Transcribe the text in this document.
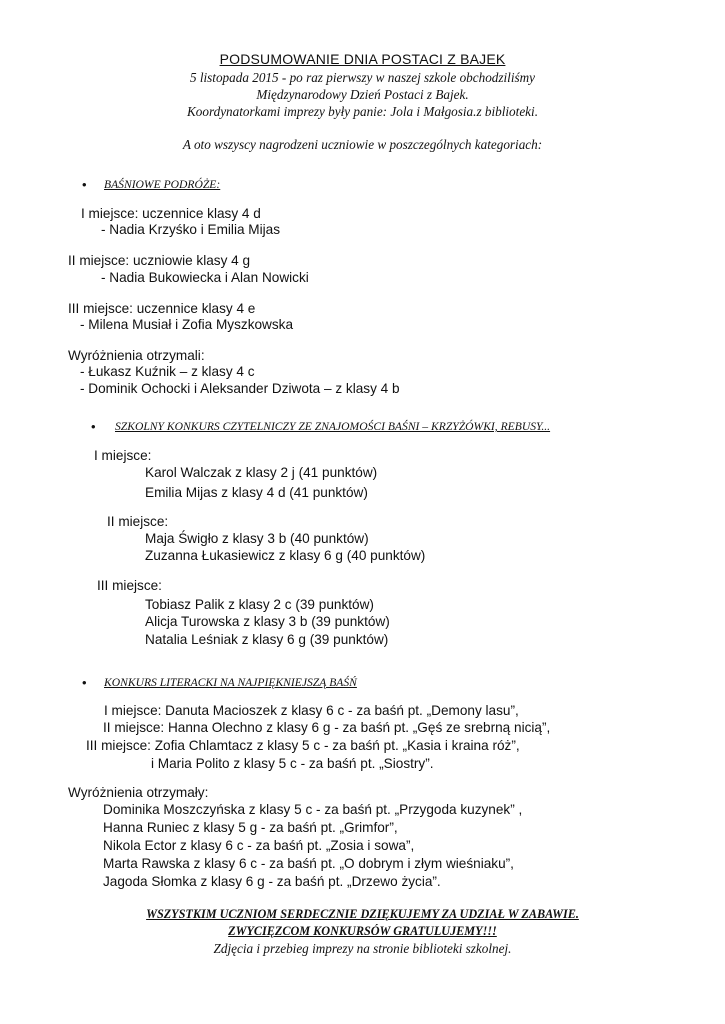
PODSUMOWANIE DNIA POSTACI Z BAJEK
5 listopada 2015 - po raz pierwszy w naszej szkole obchodziliśmy
Międzynarodowy Dzień Postaci z Bajek.
Koordynatorkami imprezy były panie: Jola i Małgosia.z biblioteki.
A oto wszyscy nagrodzeni uczniowie w poszczególnych kategoriach:
• BAŚNIOWE PODRÓŻE:
I miejsce: uczennice klasy 4 d
- Nadia Krzyśko i Emilia Mijas
II miejsce: uczniowie klasy 4 g
- Nadia Bukowiecka i Alan Nowicki
III miejsce: uczennice klasy 4 e
- Milena Musiał i Zofia Myszkowska
Wyróżnienia otrzymali:
- Łukasz Kuźnik – z klasy 4 c
- Dominik Ochocki i Aleksander Dziwota – z klasy 4 b
• SZKOLNY KONKURS CZYTELNICZY ZE ZNAJOMOŚCI BAŚNI – KRZYŻÓWKI, REBUSY...
I miejsce:
Karol Walczak z klasy 2 j (41 punktów)
Emilia Mijas z klasy 4 d (41 punktów)
II miejsce:
Maja Świgło z klasy 3 b (40 punktów)
Zuzanna Łukasiewicz z klasy 6 g (40 punktów)
III miejsce:
Tobiasz Palik z klasy 2 c (39 punktów)
Alicja Turowska z klasy 3 b (39 punktów)
Natalia Leśniak z klasy 6 g (39 punktów)
• KONKURS LITERACKI NA NAJPIĘKNIEJSZĄ BAŚŃ
I miejsce: Danuta Macioszek z klasy 6 c - za baśń pt. „Demony lasu”,
II miejsce: Hanna Olechno z klasy 6 g - za baśń pt. „Gęś ze srebrną nicią”,
III miejsce: Zofia Chlamtacz z klasy 5 c - za baśń pt. „Kasia i kraina róż”,
i Maria Polito z klasy 5 c - za baśń pt. „Siostry”.
Wyróżnienia otrzymały:
Dominika Moszczyńska z klasy 5 c - za baśń pt. „Przygoda kuzynek” ,
Hanna Runiec z klasy 5 g - za baśń pt. „Grimfor”,
Nikola Ector z klasy 6 c - za baśń pt. „Zosia i sowa”,
Marta Rawska z klasy 6 c - za baśń pt. „O dobrym i złym wieśniaku”,
Jagoda Słomka z klasy 6 g - za baśń pt. „Drzewo życia”.
WSZYSTKIM UCZNIOM SERDECZNIE DZIĘKUJEMY ZA UDZIAŁ W ZABAWIE.
ZWYCIĘZCOM KONKURSÓW GRATULUJEMY!!!
Zdjęcia i przebieg imprezy na stronie biblioteki szkolnej.
